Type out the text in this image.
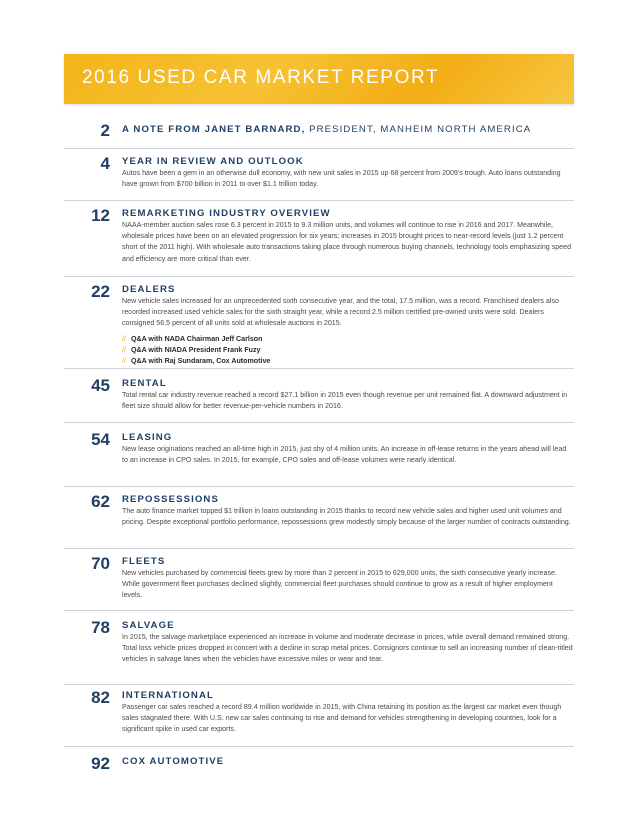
2016 USED CAR MARKET REPORT
2 A NOTE FROM JANET BARNARD, PRESIDENT, MANHEIM NORTH AMERICA
4 YEAR IN REVIEW AND OUTLOOK
Autos have been a gem in an otherwise dull economy, with new unit sales in 2015 up 68 percent from 2009's trough. Auto loans outstanding have grown from $700 billion in 2011 to over $1.1 trillion today.
12 REMARKETING INDUSTRY OVERVIEW
NAAA-member auction sales rose 6.3 percent in 2015 to 9.3 million units, and volumes will continue to rise in 2016 and 2017. Meanwhile, wholesale prices have been on an elevated progression for six years; increases in 2015 brought prices to near-record levels (just 1.2 percent short of the 2011 high). With wholesale auto transactions taking place through numerous buying channels, technology tools emphasizing speed and efficiency are more critical than ever.
22 DEALERS
New vehicle sales increased for an unprecedented sixth consecutive year, and the total, 17.5 million, was a record. Franchised dealers also recorded increased used vehicle sales for the sixth straight year, while a record 2.5 million certified pre-owned units were sold. Dealers consigned 56.5 percent of all units sold at wholesale auctions in 2015.
// Q&A with NADA Chairman Jeff Carlson
// Q&A with NIADA President Frank Fuzy
// Q&A with Raj Sundaram, Cox Automotive
45 RENTAL
Total rental car industry revenue reached a record $27.1 billion in 2015 even though revenue per unit remained flat. A downward adjustment in fleet size should allow for better revenue-per-vehicle numbers in 2016.
54 LEASING
New lease originations reached an all-time high in 2015, just shy of 4 million units. An increase in off-lease returns in the years ahead will lead to an increase in CPO sales. In 2015, for example, CPO sales and off-lease volumes were nearly identical.
62 REPOSSESSIONS
The auto finance market topped $1 trillion in loans outstanding in 2015 thanks to record new vehicle sales and higher used unit volumes and pricing. Despite exceptional portfolio performance, repossessions grew modestly simply because of the larger number of contracts outstanding.
70 FLEETS
New vehicles purchased by commercial fleets grew by more than 2 percent in 2015 to 629,000 units, the sixth consecutive yearly increase. While government fleet purchases declined slightly, commercial fleet purchases should continue to grow as a result of higher employment levels.
78 SALVAGE
In 2015, the salvage marketplace experienced an increase in volume and moderate decrease in prices, while overall demand remained strong. Total loss vehicle prices dropped in concert with a decline in scrap metal prices. Consignors continue to sell an increasing number of clean-titled vehicles in salvage lanes when the vehicles have excessive miles or wear and tear.
82 INTERNATIONAL
Passenger car sales reached a record 89.4 million worldwide in 2015, with China retaining its position as the largest car market even though sales stagnated there. With U.S. new car sales continuing to rise and demand for vehicles strengthening in developing countries, look for a significant spike in used car exports.
92 COX AUTOMOTIVE
